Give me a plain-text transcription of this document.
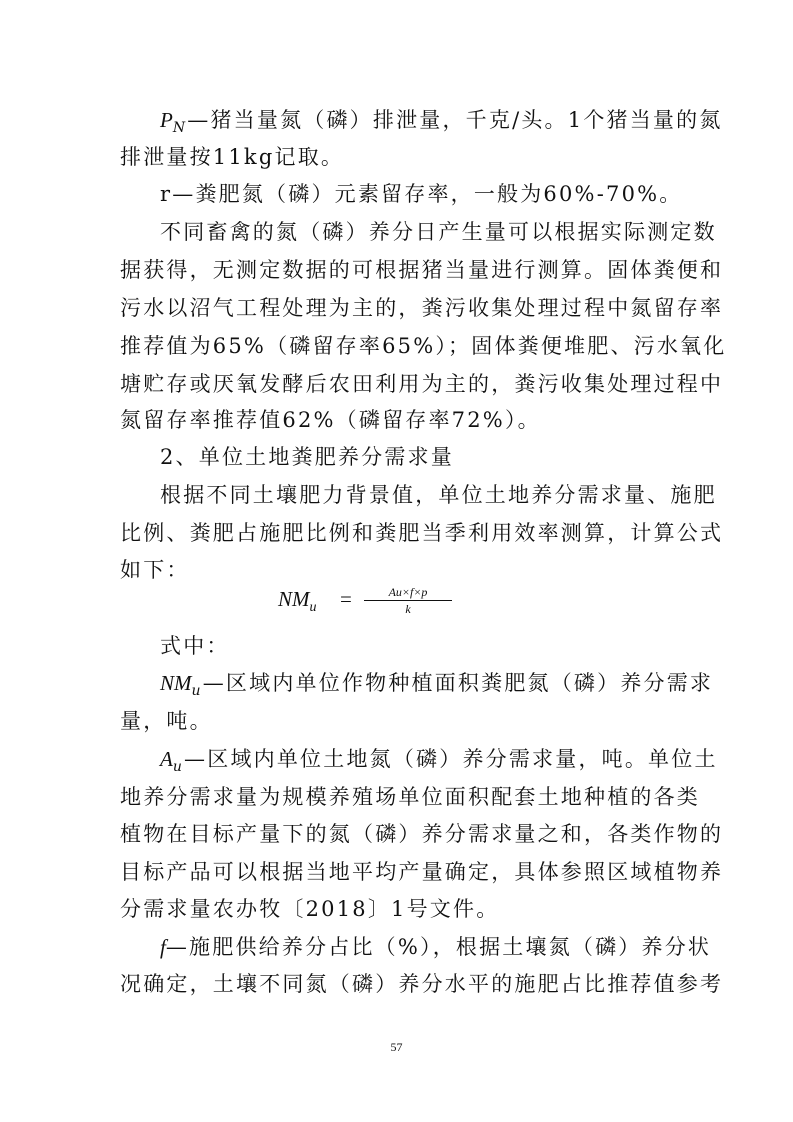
$P_N—$猪当量氮（磷）排泄量，千克/头。1个猪当量的氮
排泄量按11kg记取。
r—粪肥氮（磷）元素留存率，一般为60%-70%。
不同畜禽的氮（磷）养分日产生量可以根据实际测定数
据获得，无测定数据的可根据猪当量进行测算。固体粪便和
污水以沼气工程处理为主的，粪污收集处理过程中氮留存率
推荐值为65%（磷留存率65%）；固体粪便堆肥、污水氧化
塘贮存或厌氧发酵后农田利用为主的，粪污收集处理过程中
氮留存率推荐值62%（磷留存率72%）。
2、单位土地粪肥养分需求量
根据不同土壤肥力背景值，单位土地养分需求量、施肥
比例、粪肥占施肥比例和粪肥当季利用效率测算，计算公式
如下：
$NM_u$ =	Au×f×p
k
式中：
$NM_u—$区域内单位作物种植面积粪肥氮（磷）养分需求
量，吨。
$A_u—$区域内单位土地氮（磷）养分需求量，吨。单位土
地养分需求量为规模养殖场单位面积配套土地种植的各类
植物在目标产量下的氮（磷）养分需求量之和，各类作物的
目标产品可以根据当地平均产量确定，具体参照区域植物养
分需求量农办牧〔2018〕1号文件。
f—施肥供给养分占比（%），根据土壤氮（磷）养分状
况确定，土壤不同氮（磷）养分水平的施肥占比推荐值参考
57
